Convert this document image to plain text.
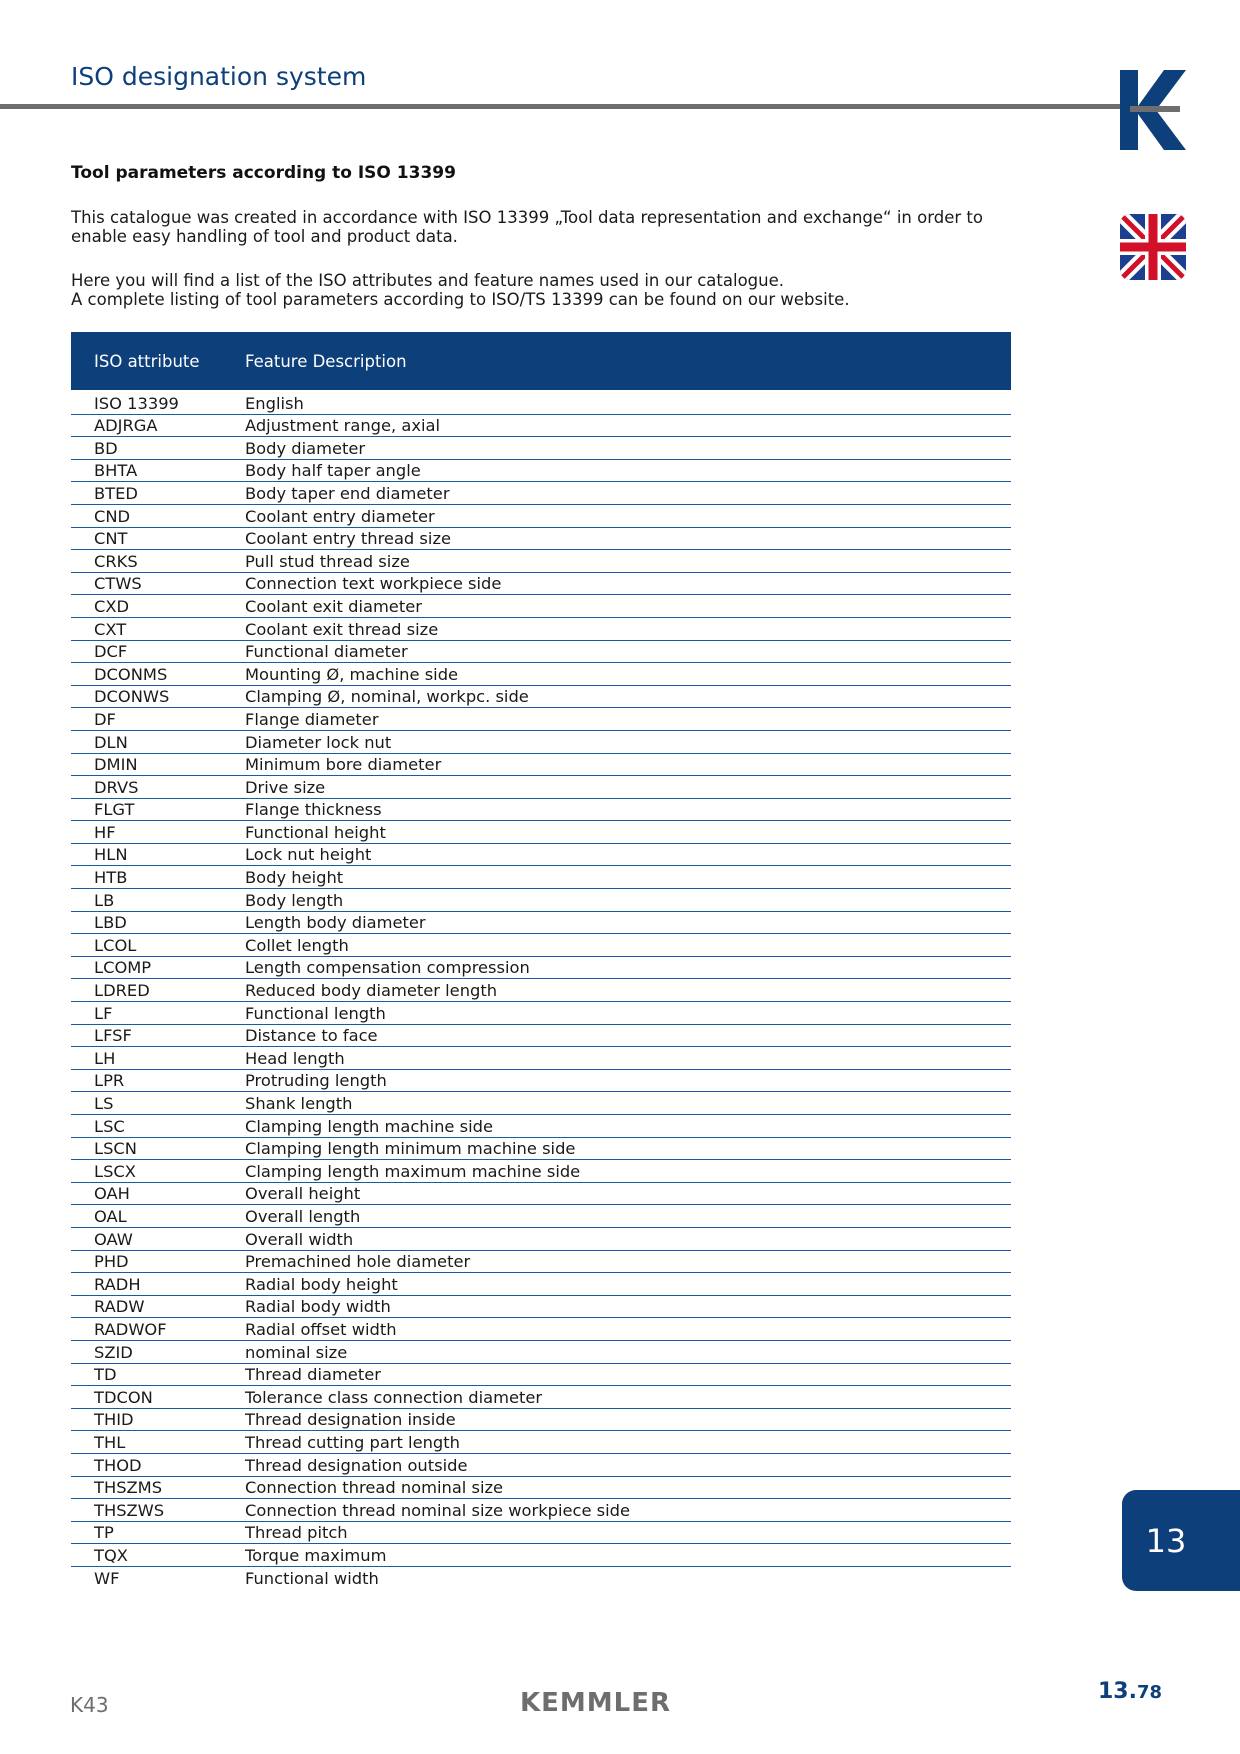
ISO designation system
Tool parameters according to ISO 13399

This catalogue was created in accordance with ISO 13399 „Tool data representation and exchange“ in order to enable easy handling of tool and product data.

Here you will find a list of the ISO attributes and feature names used in our catalogue.
A complete listing of tool parameters according to ISO/TS 13399 can be found on our website.

ISO attribute	Feature Description
ISO 13399	English
ADJRGA	Adjustment range, axial
BD	Body diameter
BHTA	Body half taper angle
BTED	Body taper end diameter
CND	Coolant entry diameter
CNT	Coolant entry thread size
CRKS	Pull stud thread size
CTWS	Connection text workpiece side
CXD	Coolant exit diameter
CXT	Coolant exit thread size
DCF	Functional diameter
DCONMS	Mounting Ø, machine side
DCONWS	Clamping Ø, nominal, workpc. side
DF	Flange diameter
DLN	Diameter lock nut
DMIN	Minimum bore diameter
DRVS	Drive size
FLGT	Flange thickness
HF	Functional height
HLN	Lock nut height
HTB	Body height
LB	Body length
LBD	Length body diameter
LCOL	Collet length
LCOMP	Length compensation compression
LDRED	Reduced body diameter length
LF	Functional length
LFSF	Distance to face
LH	Head length
LPR	Protruding length
LS	Shank length
LSC	Clamping length machine side
LSCN	Clamping length minimum machine side
LSCX	Clamping length maximum machine side
OAH	Overall height
OAL	Overall length
OAW	Overall width
PHD	Premachined hole diameter
RADH	Radial body height
RADW	Radial body width
RADWOF	Radial offset width
SZID	nominal size
TD	Thread diameter
TDCON	Tolerance class connection diameter
THID	Thread designation inside
THL	Thread cutting part length
THOD	Thread designation outside
THSZMS	Connection thread nominal size
THSZWS	Connection thread nominal size workpiece side
TP	Thread pitch
TQX	Torque maximum
WF	Functional width
13
K43	KEMMLER	13.78
